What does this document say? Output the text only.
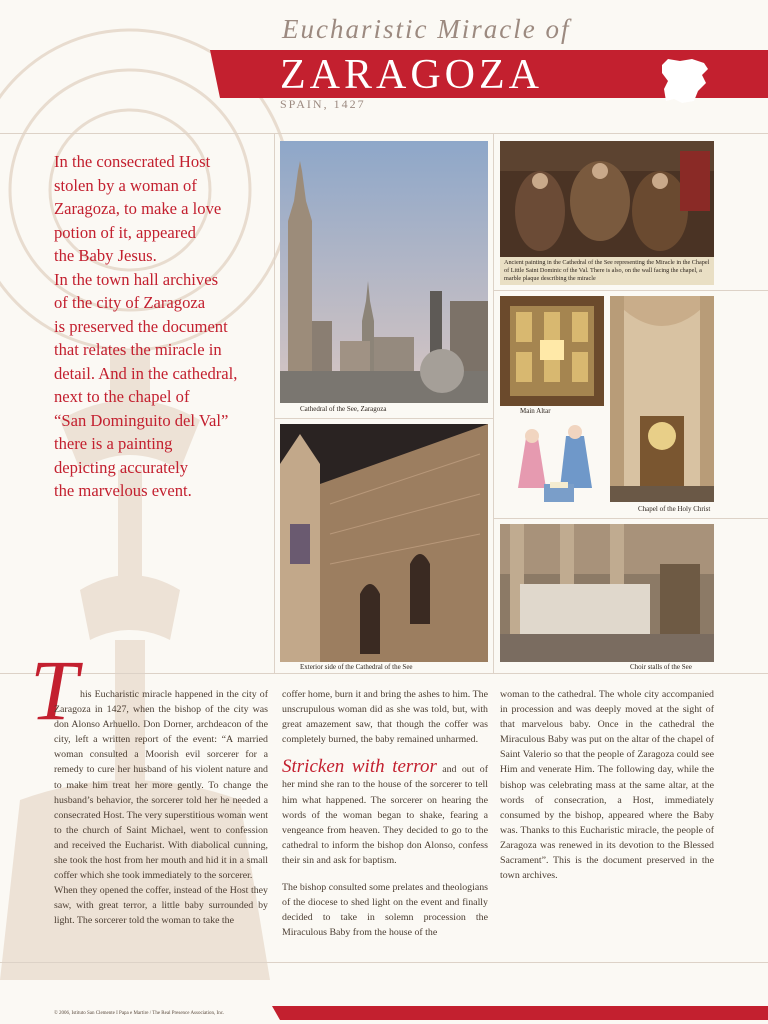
Eucharistic Miracle of
ZARAGOZA
SPAIN, 1427

In the consecrated Host

stolen by a woman of

Zaragoza, to make a love

potion of it, appeared

the Baby Jesus.

In the town hall archives

of the city of Zaragoza

is preserved the document

that relates the miracle in

detail. And in the cathedral,

next to the chapel of

“San Dominguito del Val”

there is a painting

depicting accurately

the marvelous event.

Cathedral of the See, Zaragoza
Ancient painting in the Cathedral of the See representing the Miracle in the Chapel of Little Saint Dominic of the Val. There is also, on the wall facing the chapel, a marble plaque describing the miracle
Main Altar
Chapel of the Holy Christ
Exterior side of the Cathedral of the See	Choir stalls of the See
T his Eucharistic miracle happened in the city of Zaragoza in 1427, when the bishop of the city was don Alonso Arhuello. Don Dorner, archdeacon of the city, left a written report of the event: “A married woman consulted a Moorish evil sorcerer for a remedy to cure her husband of his violent nature and to make him treat her more gently. To change the husband’s behavior, the sorcerer told her he needed a consecrated Host. The very superstitious woman went to the church of Saint Michael, went to confession and received the Eucharist. With diabolical cunning, she took the host from her mouth and hid it in a small coffer which she took immediately to the sorcerer.

When they opened the coffer, instead of the Host they saw, with great terror, a little baby surrounded by light. The sorcerer told the woman to take the

coffer home, burn it and bring the ashes to him. The unscrupulous woman did as she was told, but, with great amazement saw, that though the coffer was completely burned, the baby remained unharmed.

Stricken with terror and out of her mind she ran to the house of the sorcerer to tell him what happened. The sorcerer on hearing the words of the woman began to shake, fearing a vengeance from heaven. They decided to go to the cathedral to inform the bishop don Alonso, confess their sin and ask for baptism.

The bishop consulted some prelates and theologians of the diocese to shed light on the event and finally decided to take in solemn procession the Miraculous Baby from the house of the

woman to the cathedral. The whole city accompanied in procession and was deeply moved at the sight of that marvelous baby. Once in the cathedral the Miraculous Baby was put on the altar of the chapel of Saint Valerio so that the people of Zaragoza could see Him and venerate Him. The following day, while the bishop was celebrating mass at the same altar, at the words of consecration, a Host, immediately consumed by the bishop, appeared where the Baby was. Thanks to this Eucharistic miracle, the people of Zaragoza was renewed in its devotion to the Blessed Sacrament”. This is the document preserved in the town archives.

© 2006, Istituto San Clemente I Papa e Martire / The Real Presence Association, Inc.
